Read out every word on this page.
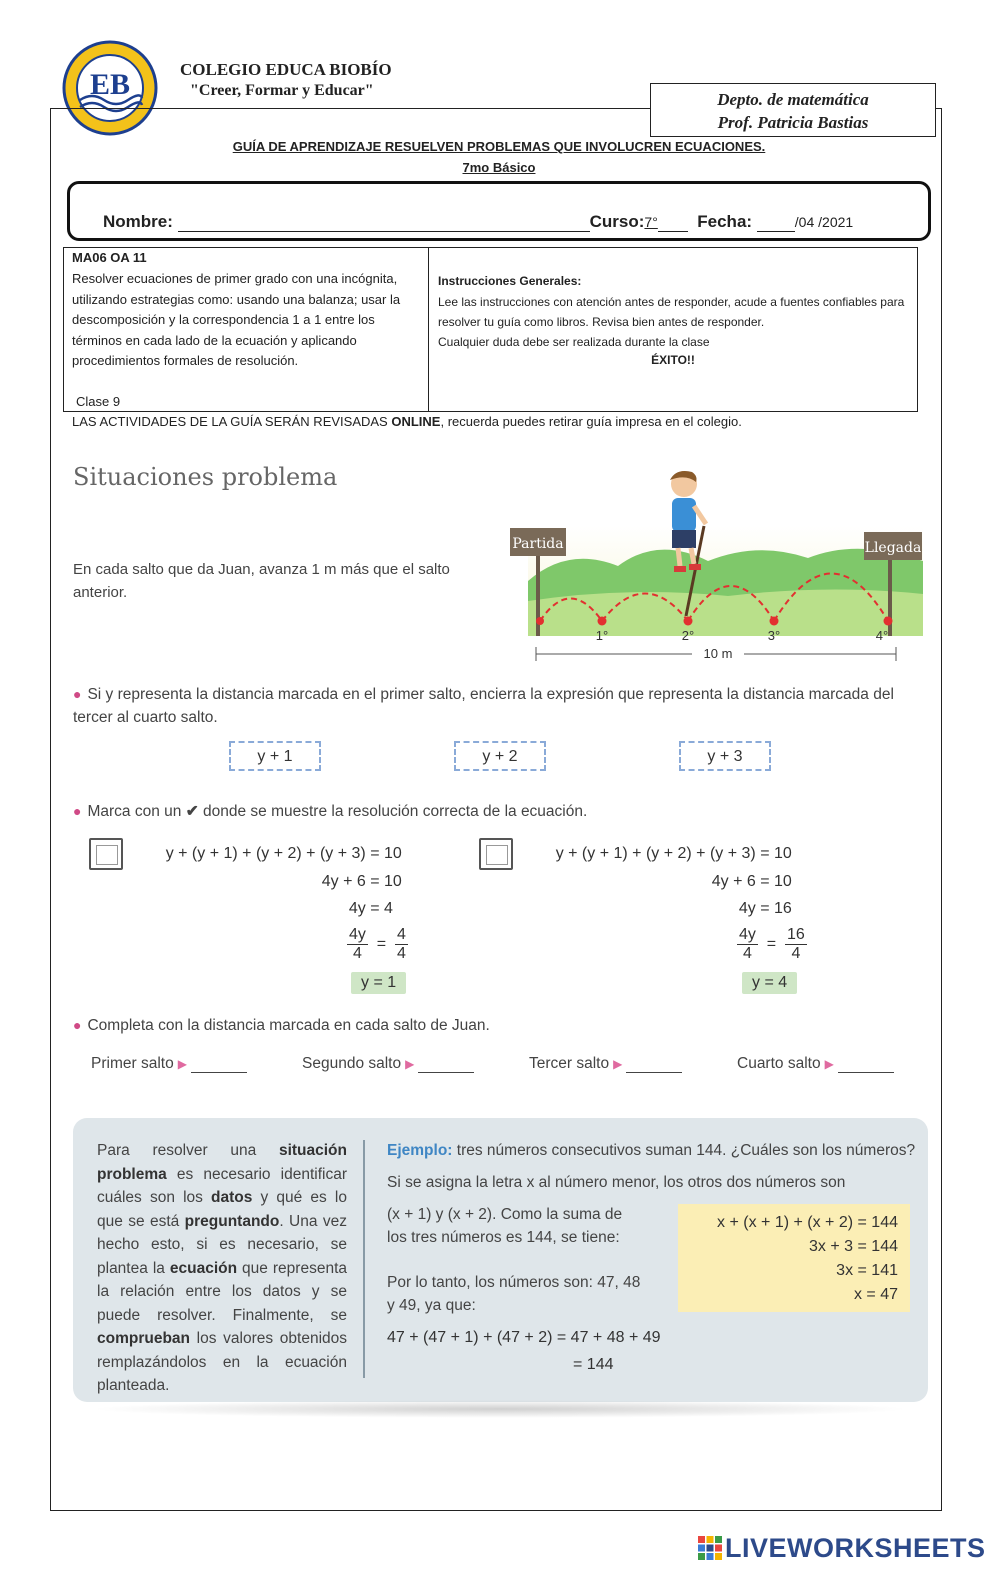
EB	COLEGIO EDUCA BIOBÍO
"Creer, Formar y Educar"	Depto. de matemática
Prof. Patricia Bastias
GUÍA DE APRENDIZAJE RESUELVEN PROBLEMAS QUE INVOLUCREN ECUACIONES.
7mo Básico
Nombre:	Curso:7° Fecha:	/04 /2021
MA06 OA 11
Resolver ecuaciones de primer grado con una incógnita, utilizando estrategias como: usando una balanza; usar la descomposición y la correspondencia 1 a 1 entre los términos en cada lado de la ecuación y aplicando procedimientos formales de resolución.
Clase 9
Instrucciones Generales:
Lee las instrucciones con atención antes de responder, acude a fuentes confiables para resolver tu guía como libros. Revisa bien antes de responder.
Cualquier duda debe ser realizada durante la clase
ÉXITO!!
LAS ACTIVIDADES DE LA GUÍA SERÁN REVISADAS ONLINE, recuerda puedes retirar guía impresa en el colegio.
Situaciones problema
En cada salto que da Juan, avanza 1 m más que el salto anterior.
Partida	Llegada
1°	2°	3°	4°
10 m
● Si y representa la distancia marcada en el primer salto, encierra la expresión que representa la distancia marcada del tercer al cuarto salto.
y + 1	y + 2	y + 3
● Marca con un ✔ donde se muestre la resolución correcta de la ecuación.
y + (y + 1) + (y + 2) + (y + 3) = 10
4y + 6 = 10
4y = 4
$\frac{4y}{4} = \frac{4}{4}$
y = 1
y + (y + 1) + (y + 2) + (y + 3) = 10
4y + 6 = 10
4y = 16
$\frac{4y}{4} = \frac{16}{4}$
y = 4
● Completa con la distancia marcada en cada salto de Juan.
Primer salto ▶	Segundo salto ▶	Tercer salto ▶	Cuarto salto ▶
Para resolver una situación problema es necesario identificar cuáles son los datos y qué es lo que se está preguntando. Una vez hecho esto, si es necesario, se plantea la ecuación que representa la relación entre los datos y se puede resolver. Finalmente, se comprueban los valores obtenidos remplazándolos en la ecuación planteada.
Ejemplo: tres números consecutivos suman 144. ¿Cuáles son los números?
Si se asigna la letra x al número menor, los otros dos números son
(x + 1) y (x + 2). Como la suma de los tres números es 144, se tiene:
Por lo tanto, los números son: 47, 48 y 49, ya que:
47 + (47 + 1) + (47 + 2) = 47 + 48 + 49
= 144
x + (x + 1) + (x + 2) = 144
3x + 3 = 144
3x = 141
x = 47
LIVEWORKSHEETS
